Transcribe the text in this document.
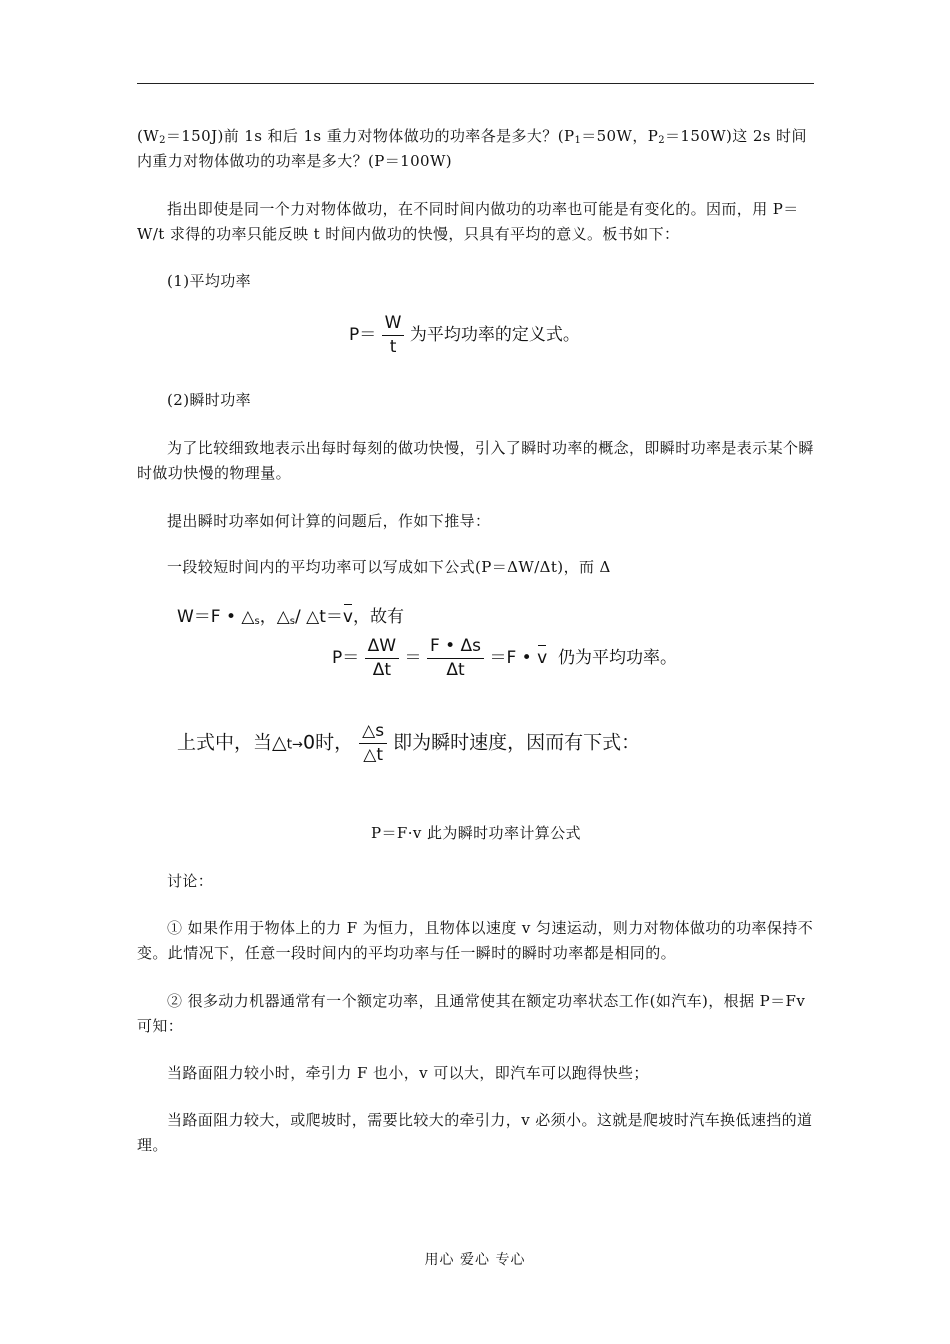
$(W_2=150J)$前 1s 和后 1s 重力对物体做功的功率各是多大？($P_1=50W$，$P_2=150W$)这 2s 时间内重力对物体做功的功率是多大？(P＝100W)

指出即使是同一个力对物体做功，在不同时间内做功的功率也可能是有变化的。因而，用 P＝W/t 求得的功率只能反映 t 时间内做功的快慢，只具有平均的意义。板书如下：

(1)平均功率

$P= \frac{W}{t}$ 为平均功率的定义式。

(2)瞬时功率

为了比较细致地表示出每时每刻的做功快慢，引入了瞬时功率的概念，即瞬时功率是表示某个瞬时做功快慢的物理量。

提出瞬时功率如何计算的问题后，作如下推导：

一段较短时间内的平均功率可以写成如下公式(P＝ΔW/Δt)，而 Δ

W＝F • $\triangle_s$，$\triangle_s/$ △t＝v，故有
$P= \frac{\Delta W}{\Delta t} = \frac{F • \Delta s}{\Delta t} =F$ • v 仍为平均功率。
上式中，当△t→0时， $\frac{\triangle s}{\triangle t}$ 即为瞬时速度，因而有下式：

P＝F·v 此为瞬时功率计算公式

讨论：

① 如果作用于物体上的力 F 为恒力，且物体以速度 v 匀速运动，则力对物体做功的功率保持不变。此情况下，任意一段时间内的平均功率与任一瞬时的瞬时功率都是相同的。

② 很多动力机器通常有一个额定功率，且通常使其在额定功率状态工作(如汽车)，根据 P＝Fv 可知：

当路面阻力较小时，牵引力 F 也小，v 可以大，即汽车可以跑得快些；

当路面阻力较大，或爬坡时，需要比较大的牵引力，v 必须小。这就是爬坡时汽车换低速挡的道理。

用心 爱心 专心
